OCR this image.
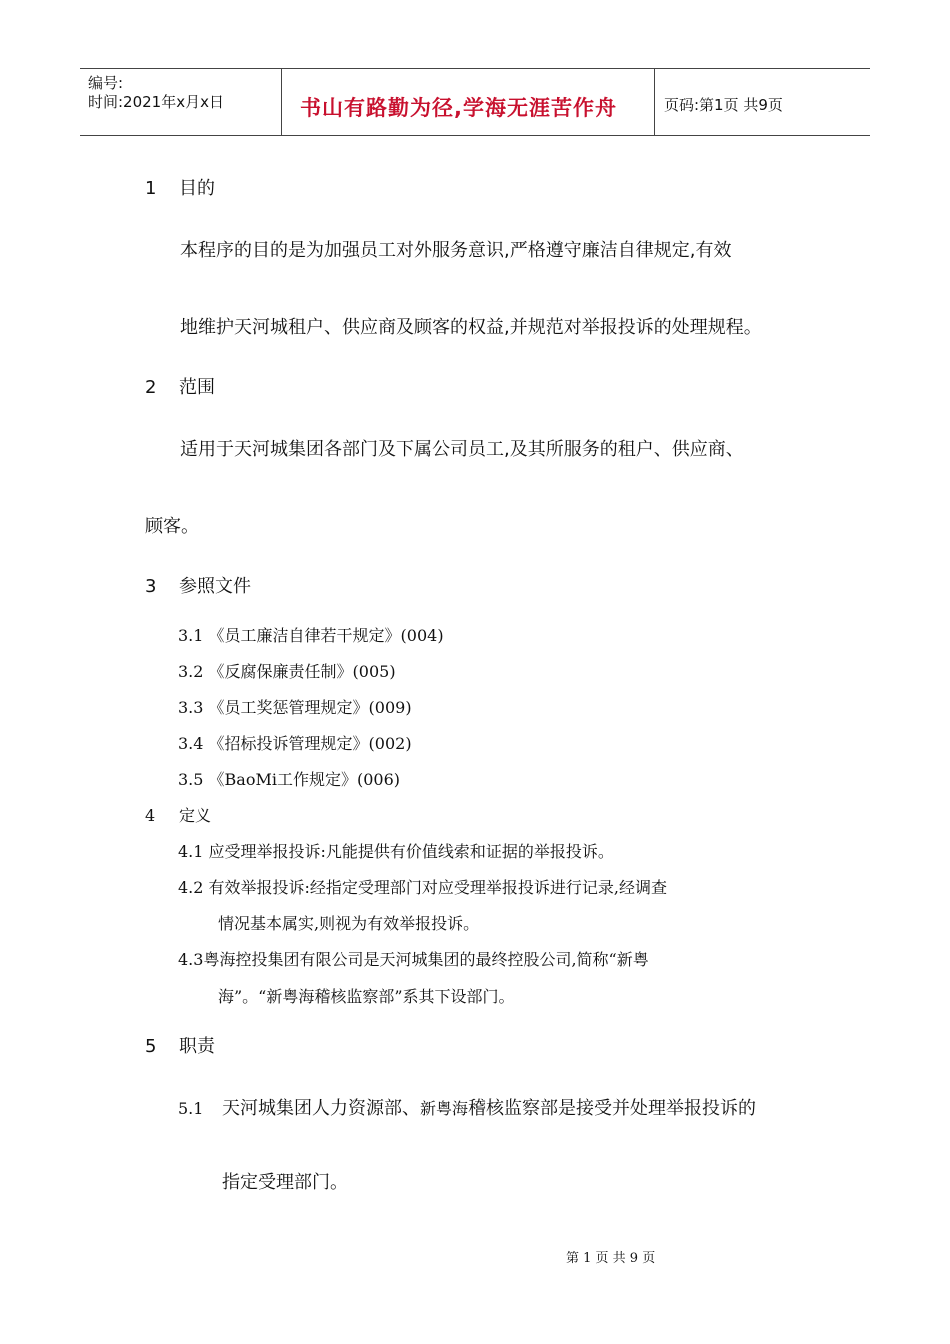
编号:
时间:2021年x月x日	书山有路勤为径,学海无涯苦作舟	页码:第1页 共9页
1 目的
本程序的目的是为加强员工对外服务意识,严格遵守廉洁自律规定,有效
地维护天河城租户、供应商及顾客的权益,并规范对举报投诉的处理规程。
2 范围
适用于天河城集团各部门及下属公司员工,及其所服务的租户、供应商、
顾客。
3 参照文件
3.1 《员工廉洁自律若干规定》(004)
3.2 《反腐保廉责任制》(005)
3.3 《员工奖惩管理规定》(009)
3.4 《招标投诉管理规定》(002)
3.5 《BaoMi工作规定》(006)
4 定义
4.1 应受理举报投诉:凡能提供有价值线索和证据的举报投诉。
4.2 有效举报投诉:经指定受理部门对应受理举报投诉进行记录,经调查
情况基本属实,则视为有效举报投诉。
4.3粤海控投集团有限公司是天河城集团的最终控股公司,简称“新粤
海”。“新粤海稽核监察部”系其下设部门。
5 职责
5.1 天河城集团人力资源部、新粤海稽核监察部是接受并处理举报投诉的
指定受理部门。
第 1 页 共 9 页
